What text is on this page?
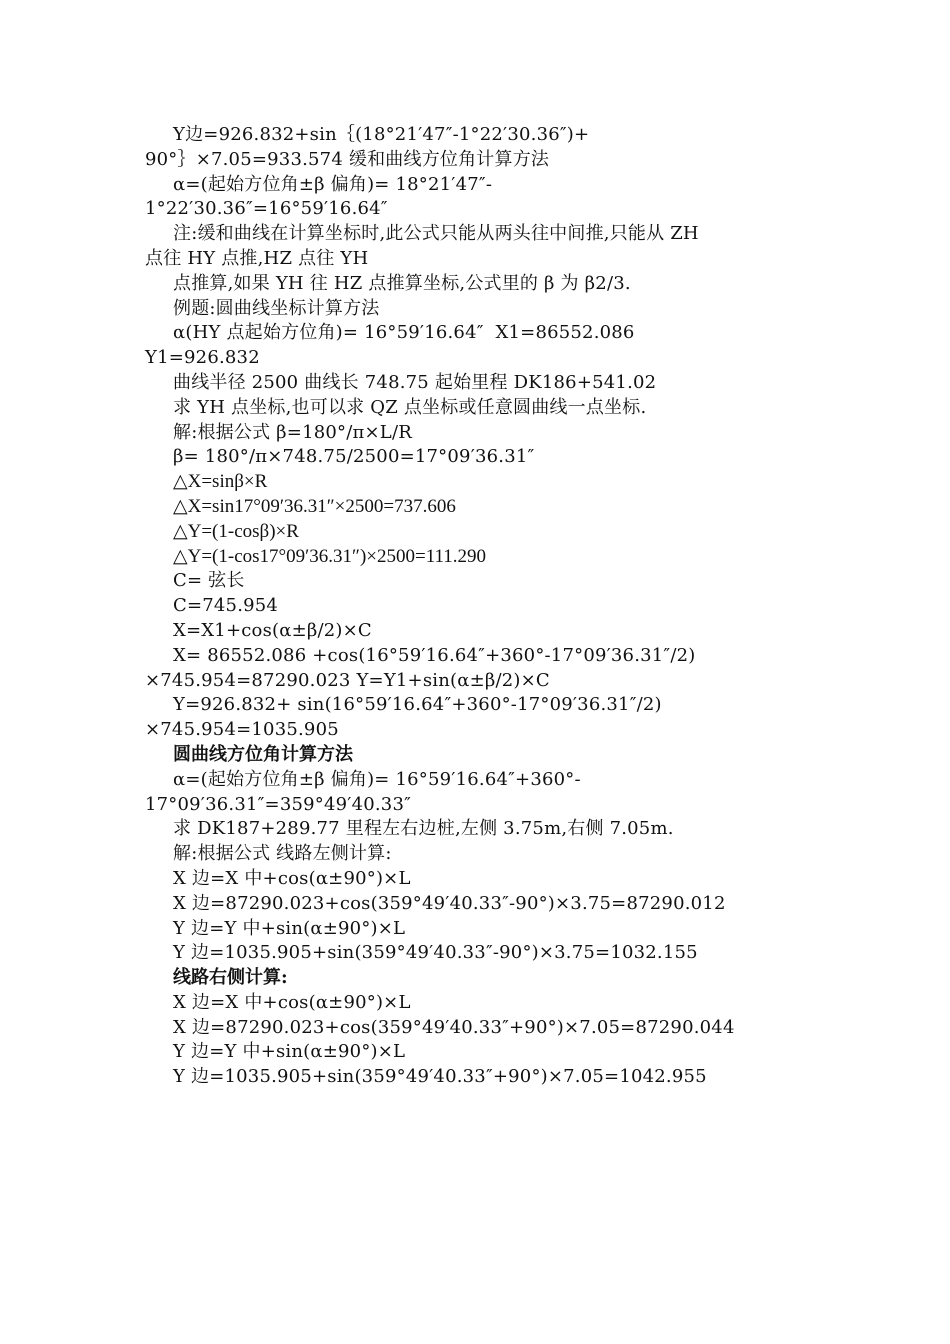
Y边=926.832+sin｛(18°21′47″-1°22′30.36″)+
90°｝×7.05=933.574 缓和曲线方位角计算方法
α=(起始方位角±β 偏角)= 18°21′47″-
1°22′30.36″=16°59′16.64″
注:缓和曲线在计算坐标时,此公式只能从两头往中间推,只能从 ZH
点往 HY 点推,HZ 点往 YH
点推算,如果 YH 往 HZ 点推算坐标,公式里的 β 为 β2/3.
例题:圆曲线坐标计算方法
α(HY 点起始方位角)= 16°59′16.64″  X1=86552.086
Y1=926.832
曲线半径 2500 曲线长 748.75 起始里程 DK186+541.02
求 YH 点坐标,也可以求 QZ 点坐标或任意圆曲线一点坐标.
解:根据公式 β=180°/π×L/R
β= 180°/π×748.75/2500=17°09′36.31″
△X=sinβ×R
△X=sin17°09′36.31″×2500=737.606
△Y=(1-cosβ)×R
△Y=(1-cos17°09′36.31″)×2500=111.290
C= 弦长
C=745.954
X=X1+cos(α±β/2)×C
X= 86552.086 +cos(16°59′16.64″+360°-17°09′36.31″/2)
×745.954=87290.023 Y=Y1+sin(α±β/2)×C
Y=926.832+ sin(16°59′16.64″+360°-17°09′36.31″/2)
×745.954=1035.905
圆曲线方位角计算方法
α=(起始方位角±β 偏角)= 16°59′16.64″+360°-
17°09′36.31″=359°49′40.33″
求 DK187+289.77 里程左右边桩,左侧 3.75m,右侧 7.05m.
解:根据公式 线路左侧计算:
X 边=X 中+cos(α±90°)×L
X 边=87290.023+cos(359°49′40.33″-90°)×3.75=87290.012
Y 边=Y 中+sin(α±90°)×L
Y 边=1035.905+sin(359°49′40.33″-90°)×3.75=1032.155
线路右侧计算:
X 边=X 中+cos(α±90°)×L
X 边=87290.023+cos(359°49′40.33″+90°)×7.05=87290.044
Y 边=Y 中+sin(α±90°)×L
Y 边=1035.905+sin(359°49′40.33″+90°)×7.05=1042.955
